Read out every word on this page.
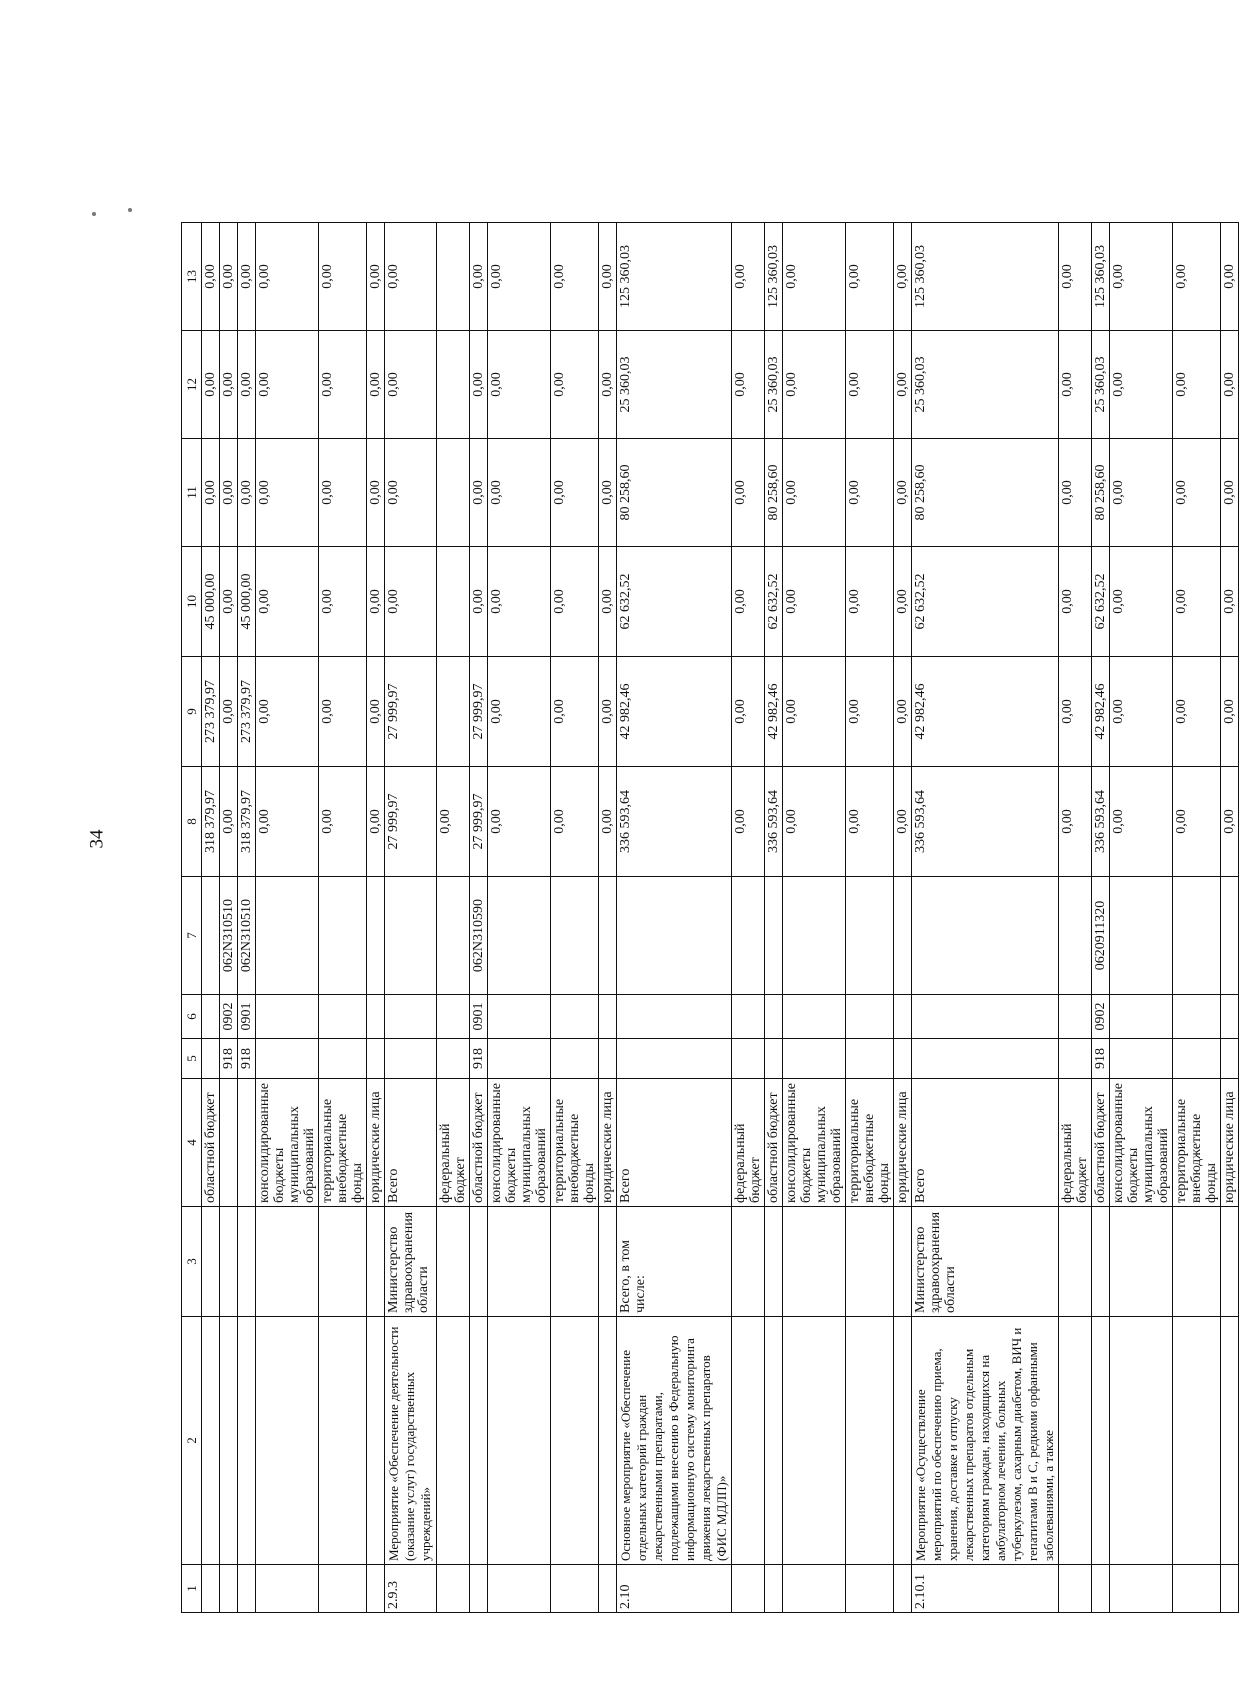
34
1	2	3	4	5	6	7	8	9	10	11	12	13
			областной бюджет				318 379,97	273 379,97	45 000,00	0,00	0,00	0,00
				918	0902	062N310510	0,00	0,00	0,00	0,00	0,00	0,00
				918	0901	062N310510	318 379,97	273 379,97	45 000,00	0,00	0,00	0,00
			консолидированные бюджеты муниципальных образований				0,00	0,00	0,00	0,00	0,00	0,00
			территориальные внебюджетные фонды				0,00	0,00	0,00	0,00	0,00	0,00
			юридические лица				0,00	0,00	0,00	0,00	0,00	0,00
2.9.3	Мероприятие «Обеспечение деятельности (оказание услуг) государственных учреждений»	Министерство здравоохранения области	Всего				27 999,97	27 999,97	0,00	0,00	0,00	0,00
			федеральный бюджет				0,00					
			областной бюджет	918	0901	062N310590	27 999,97	27 999,97	0,00	0,00	0,00	0,00
			консолидированные бюджеты муниципальных образований				0,00	0,00	0,00	0,00	0,00	0,00
			территориальные внебюджетные фонды				0,00	0,00	0,00	0,00	0,00	0,00
			юридические лица				0,00	0,00	0,00	0,00	0,00	0,00
2.10	Основное мероприятие «Обеспечение отдельных категорий граждан лекарственными препаратами, подлежащими внесению в Федеральную информационную систему мониторинга движения лекарственных препаратов (ФИС МДЛП)»	Всего, в том числе:	Всего				336 593,64	42 982,46	62 632,52	80 258,60	25 360,03	125 360,03
			федеральный бюджет				0,00	0,00	0,00	0,00	0,00	0,00
			областной бюджет				336 593,64	42 982,46	62 632,52	80 258,60	25 360,03	125 360,03
			консолидированные бюджеты муниципальных образований				0,00	0,00	0,00	0,00	0,00	0,00
			территориальные внебюджетные фонды				0,00	0,00	0,00	0,00	0,00	0,00
			юридические лица				0,00	0,00	0,00	0,00	0,00	0,00
2.10.1	Мероприятие «Осуществление мероприятий по обеспечению приема, хранения, доставке и отпуску лекарственных препаратов отдельным категориям граждан, находящихся на амбулаторном лечении, больных туберкулезом, сахарным диабетом, ВИЧ и гепатитами В и С, редкими орфанными заболеваниями, а также	Министерство здравоохранения области	Всего				336 593,64	42 982,46	62 632,52	80 258,60	25 360,03	125 360,03
			федеральный бюджет				0,00	0,00	0,00	0,00	0,00	0,00
			областной бюджет	918	0902	0620911320	336 593,64	42 982,46	62 632,52	80 258,60	25 360,03	125 360,03
			консолидированные бюджеты муниципальных образований				0,00	0,00	0,00	0,00	0,00	0,00
			территориальные внебюджетные фонды				0,00	0,00	0,00	0,00	0,00	0,00
			юридические лица				0,00	0,00	0,00	0,00	0,00	0,00
